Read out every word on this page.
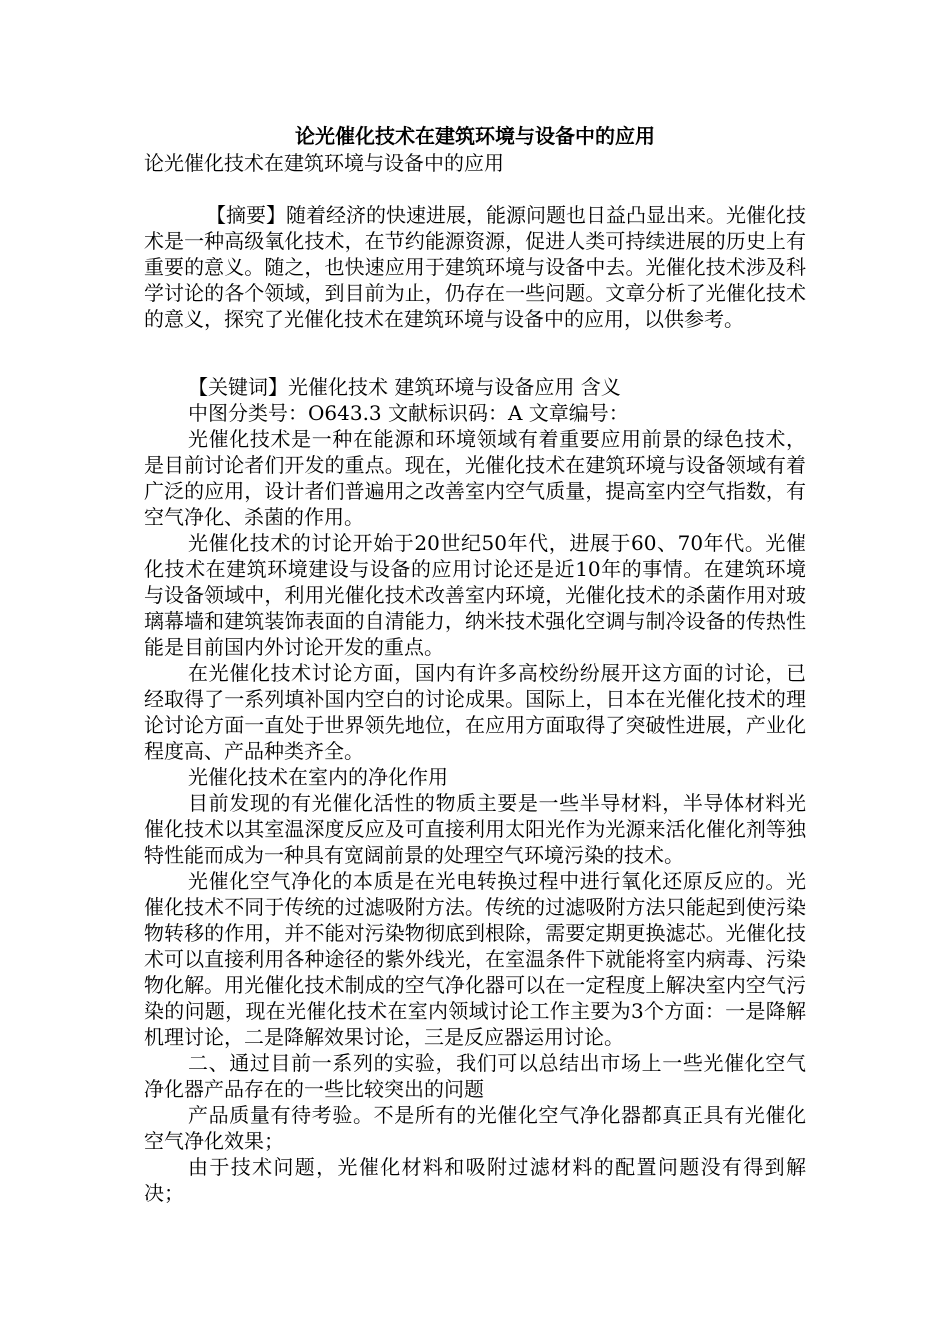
论光催化技术在建筑环境与设备中的应用
论光催化技术在建筑环境与设备中的应用

【摘要】随着经济的快速进展，能源问题也日益凸显出来。光催化技术是一种高级氧化技术，在节约能源资源，促进人类可持续进展的历史上有重要的意义。随之，也快速应用于建筑环境与设备中去。光催化技术涉及科学讨论的各个领域，到目前为止，仍存在一些问题。文章分析了光催化技术的意义，探究了光催化技术在建筑环境与设备中的应用，以供参考。

【关键词】光催化技术 建筑环境与设备应用 含义

中图分类号：O643.3 文献标识码：A 文章编号：

光催化技术是一种在能源和环境领域有着重要应用前景的绿色技术，是目前讨论者们开发的重点。现在，光催化技术在建筑环境与设备领域有着广泛的应用，设计者们普遍用之改善室内空气质量，提高室内空气指数，有空气净化、杀菌的作用。

光催化技术的讨论开始于20世纪50年代，进展于60、70年代。光催化技术在建筑环境建设与设备的应用讨论还是近10年的事情。在建筑环境与设备领域中，利用光催化技术改善室内环境，光催化技术的杀菌作用对玻璃幕墙和建筑装饰表面的自清能力，纳米技术强化空调与制冷设备的传热性能是目前国内外讨论开发的重点。

在光催化技术讨论方面，国内有许多高校纷纷展开这方面的讨论，已经取得了一系列填补国内空白的讨论成果。国际上，日本在光催化技术的理论讨论方面一直处于世界领先地位，在应用方面取得了突破性进展，产业化程度高、产品种类齐全。

光催化技术在室内的净化作用

目前发现的有光催化活性的物质主要是一些半导材料，半导体材料光催化技术以其室温深度反应及可直接利用太阳光作为光源来活化催化剂等独特性能而成为一种具有宽阔前景的处理空气环境污染的技术。

光催化空气净化的本质是在光电转换过程中进行氧化还原反应的。光催化技术不同于传统的过滤吸附方法。传统的过滤吸附方法只能起到使污染物转移的作用，并不能对污染物彻底到根除，需要定期更换滤芯。光催化技术可以直接利用各种途径的紫外线光，在室温条件下就能将室内病毒、污染物化解。用光催化技术制成的空气净化器可以在一定程度上解决室内空气污染的问题，现在光催化技术在室内领域讨论工作主要为3个方面：一是降解机理讨论，二是降解效果讨论，三是反应器运用讨论。

二、通过目前一系列的实验，我们可以总结出市场上一些光催化空气净化器产品存在的一些比较突出的问题

产品质量有待考验。不是所有的光催化空气净化器都真正具有光催化空气净化效果；

由于技术问题，光催化材料和吸附过滤材料的配置问题没有得到解决；
